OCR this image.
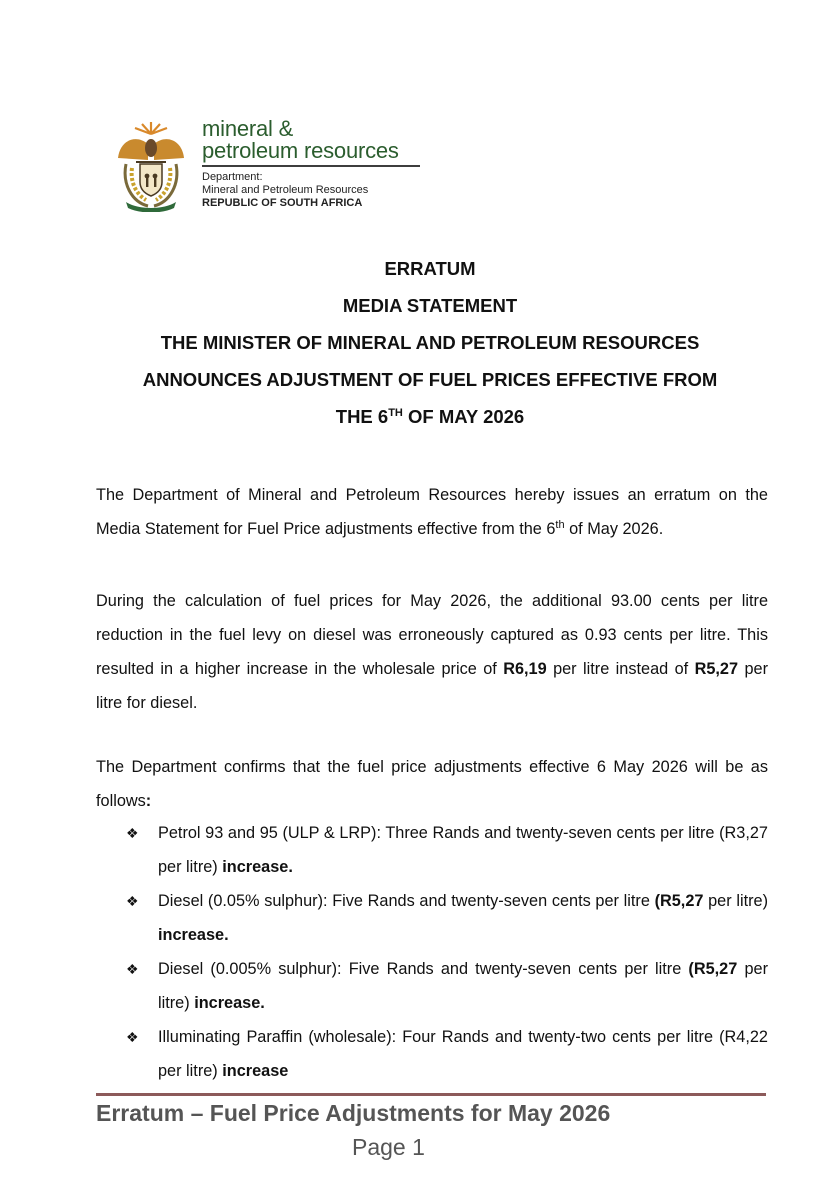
mineral &
petroleum resources
Department:
Mineral and Petroleum Resources
REPUBLIC OF SOUTH AFRICA
ERRATUM
MEDIA STATEMENT
THE MINISTER OF MINERAL AND PETROLEUM RESOURCES
ANNOUNCES ADJUSTMENT OF FUEL PRICES EFFECTIVE FROM
THE 6TH OF MAY 2026
The Department of Mineral and Petroleum Resources hereby issues an erratum on the Media Statement for Fuel Price adjustments effective from the 6th of May 2026.
During the calculation of fuel prices for May 2026, the additional 93.00 cents per litre reduction in the fuel levy on diesel was erroneously captured as 0.93 cents per litre. This resulted in a higher increase in the wholesale price of R6,19 per litre instead of R5,27 per litre for diesel.
The Department confirms that the fuel price adjustments effective 6 May 2026 will be as follows:
❖ Petrol 93 and 95 (ULP & LRP): Three Rands and twenty-seven cents per litre (R3,27 per litre) increase.
❖ Diesel (0.05% sulphur): Five Rands and twenty-seven cents per litre (R5,27 per litre) increase.
❖ Diesel (0.005% sulphur): Five Rands and twenty-seven cents per litre (R5,27 per litre) increase.
❖ Illuminating Paraffin (wholesale): Four Rands and twenty-two cents per litre (R4,22 per litre) increase
Erratum – Fuel Price Adjustments for May 2026
Page 1
